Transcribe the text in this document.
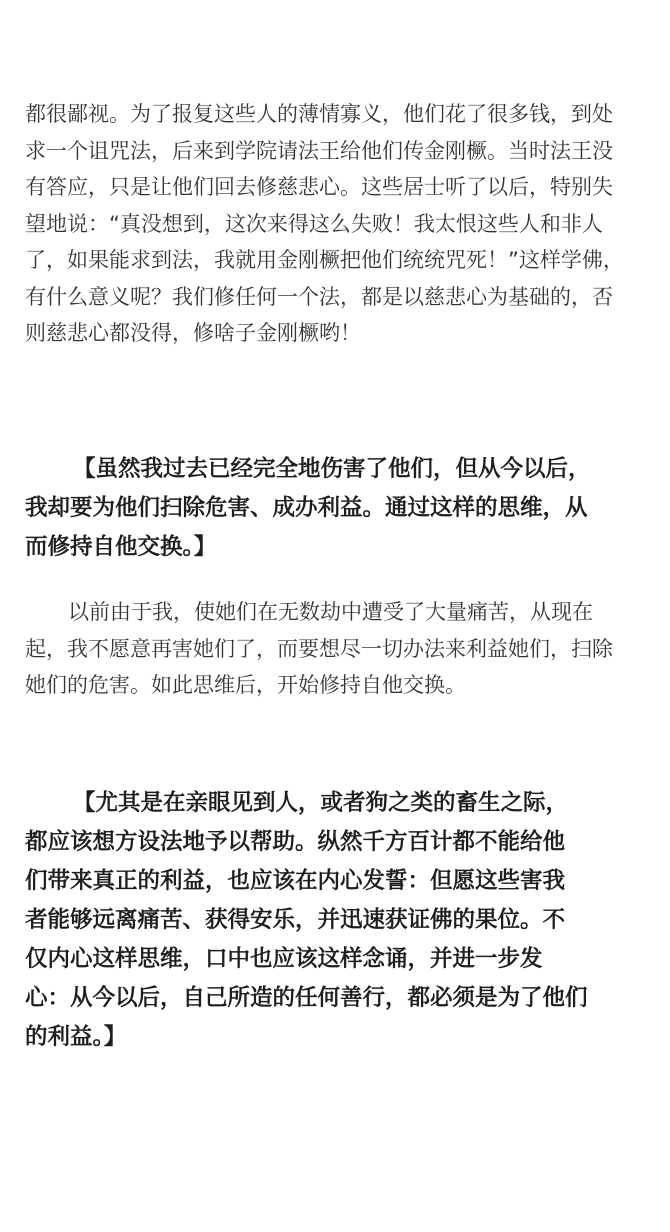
都很鄙视。为了报复这些人的薄情寡义，他们花了很多钱，到处
求一个诅咒法，后来到学院请法王给他们传金刚橛。当时法王没
有答应，只是让他们回去修慈悲心。这些居士听了以后，特别失
望地说：“真没想到，这次来得这么失败！我太恨这些人和非人
了，如果能求到法，我就用金刚橛把他们统统咒死！”这样学佛，
有什么意义呢？我们修任何一个法，都是以慈悲心为基础的，否
则慈悲心都没得，修啥子金刚橛哟！
【虽然我过去已经完全地伤害了他们，但从今以后，
我却要为他们扫除危害、成办利益。通过这样的思维，从
而修持自他交换。】
以前由于我，使她们在无数劫中遭受了大量痛苦，从现在
起，我不愿意再害她们了，而要想尽一切办法来利益她们，扫除
她们的危害。如此思维后，开始修持自他交换。
【尤其是在亲眼见到人，或者狗之类的畜生之际，
都应该想方设法地予以帮助。纵然千方百计都不能给他
们带来真正的利益，也应该在内心发誓：但愿这些害我
者能够远离痛苦、获得安乐，并迅速获证佛的果位。不
仅内心这样思维，口中也应该这样念诵，并进一步发
心：从今以后，自己所造的任何善行，都必须是为了他们
的利益。】
